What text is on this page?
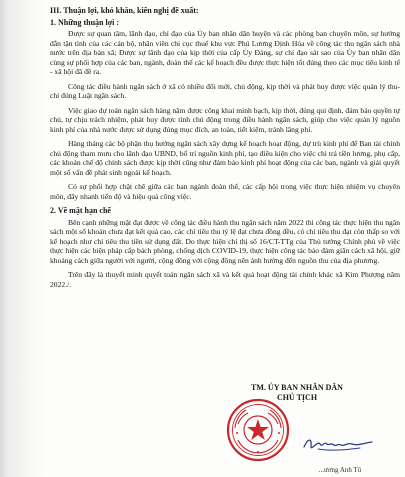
III. Thuận lợi, khó khăn, kiến nghị đề xuất:
1. Những thuận lợi :

Được sự quan tâm, lãnh đạo, chỉ đạo của Ủy ban nhân dân huyện và các phòng ban chuyên môn, sự hướng dẫn tận tình của các cán bộ, nhân viên chi cục thuế khu vực Phú Lương Định Hóa về công tác thu ngân sách nhà nước trên địa bàn xã; Được sự lãnh đạo của kịp thời của cấp Ủy Đảng, sự chỉ đạo sát sao của Ủy ban nhân dân cùng sự phối hợp của các ban, ngành, đoàn thể các kế hoạch đều được thực hiện tốt đúng theo các mục tiêu kinh tế - xã hội đã đề ra.

Công tác điều hành ngân sách ở xã có nhiều đổi mới, chủ động, kịp thời và phát huy được việc quản lý thu- chi đúng Luật ngân sách.

Việc giao dự toán ngân sách hàng năm được công khai minh bạch, kịp thời, đúng qui định, đảm bảo quyền tự chủ, tự chịu trách nhiệm, phát huy được tính chủ động trong điều hành ngân sách, giúp cho việc quản lý nguồn kinh phí của nhà nước được sử dụng đúng mục đích, an toàn, tiết kiệm, tránh lãng phí.

Hàng tháng các bộ phận thụ hưởng ngân sách xây dựng kế hoạch hoạt động, dự trù kinh phí để Ban tài chính chủ động tham mưu cho lãnh đạo UBND, bố trí nguồn kinh phí, tạo điều kiện cho việc chi trả tiền lương, phụ cấp, các khoản chế độ chính sách được kịp thời cũng như đảm bảo kinh phí hoạt động của các ban, ngành và giải quyết một số vấn đề phát sinh ngoài kế hoạch.

Có sự phối hợp chặt chẽ giữa các ban ngành đoàn thể, các cấp hội trong việc thực hiện nhiệm vụ chuyên môn, đẩy nhanh tiến độ và hiệu quả công việc.

2. Về mặt hạn chế

Bên cạnh những mặt đạt được về công tác điều hành thu ngân sách năm 2022 thì công tác thực hiện thu ngân sách một số khoản chưa đạt kết quả cao, các chỉ tiêu thu tỷ lệ đạt chưa đồng đều, có chỉ tiêu thu đạt còn thấp so với kế hoạch như chỉ tiêu thu tiền sử dụng đất. Do thực hiện chỉ thị số 16/CT-TTg của Thủ tướng Chính phủ về việc thực hiện các biện pháp cấp bách phòng, chống dịch COVID-19, thực hiện công tác bảo đảm giãn cách xã hội, giữ khoảng cách giữa người với người, cộng đồng với cộng đồng nên ảnh hưởng đến nguồn thu của địa phương.

Trên đây là thuyết minh quyết toán ngân sách xã và kết quả hoạt động tài chính khác xã Kim Phượng năm 2022./.

TM. ỦY BAN NHÂN DÂN
CHỦ TỊCH
...ương Anh Tú
